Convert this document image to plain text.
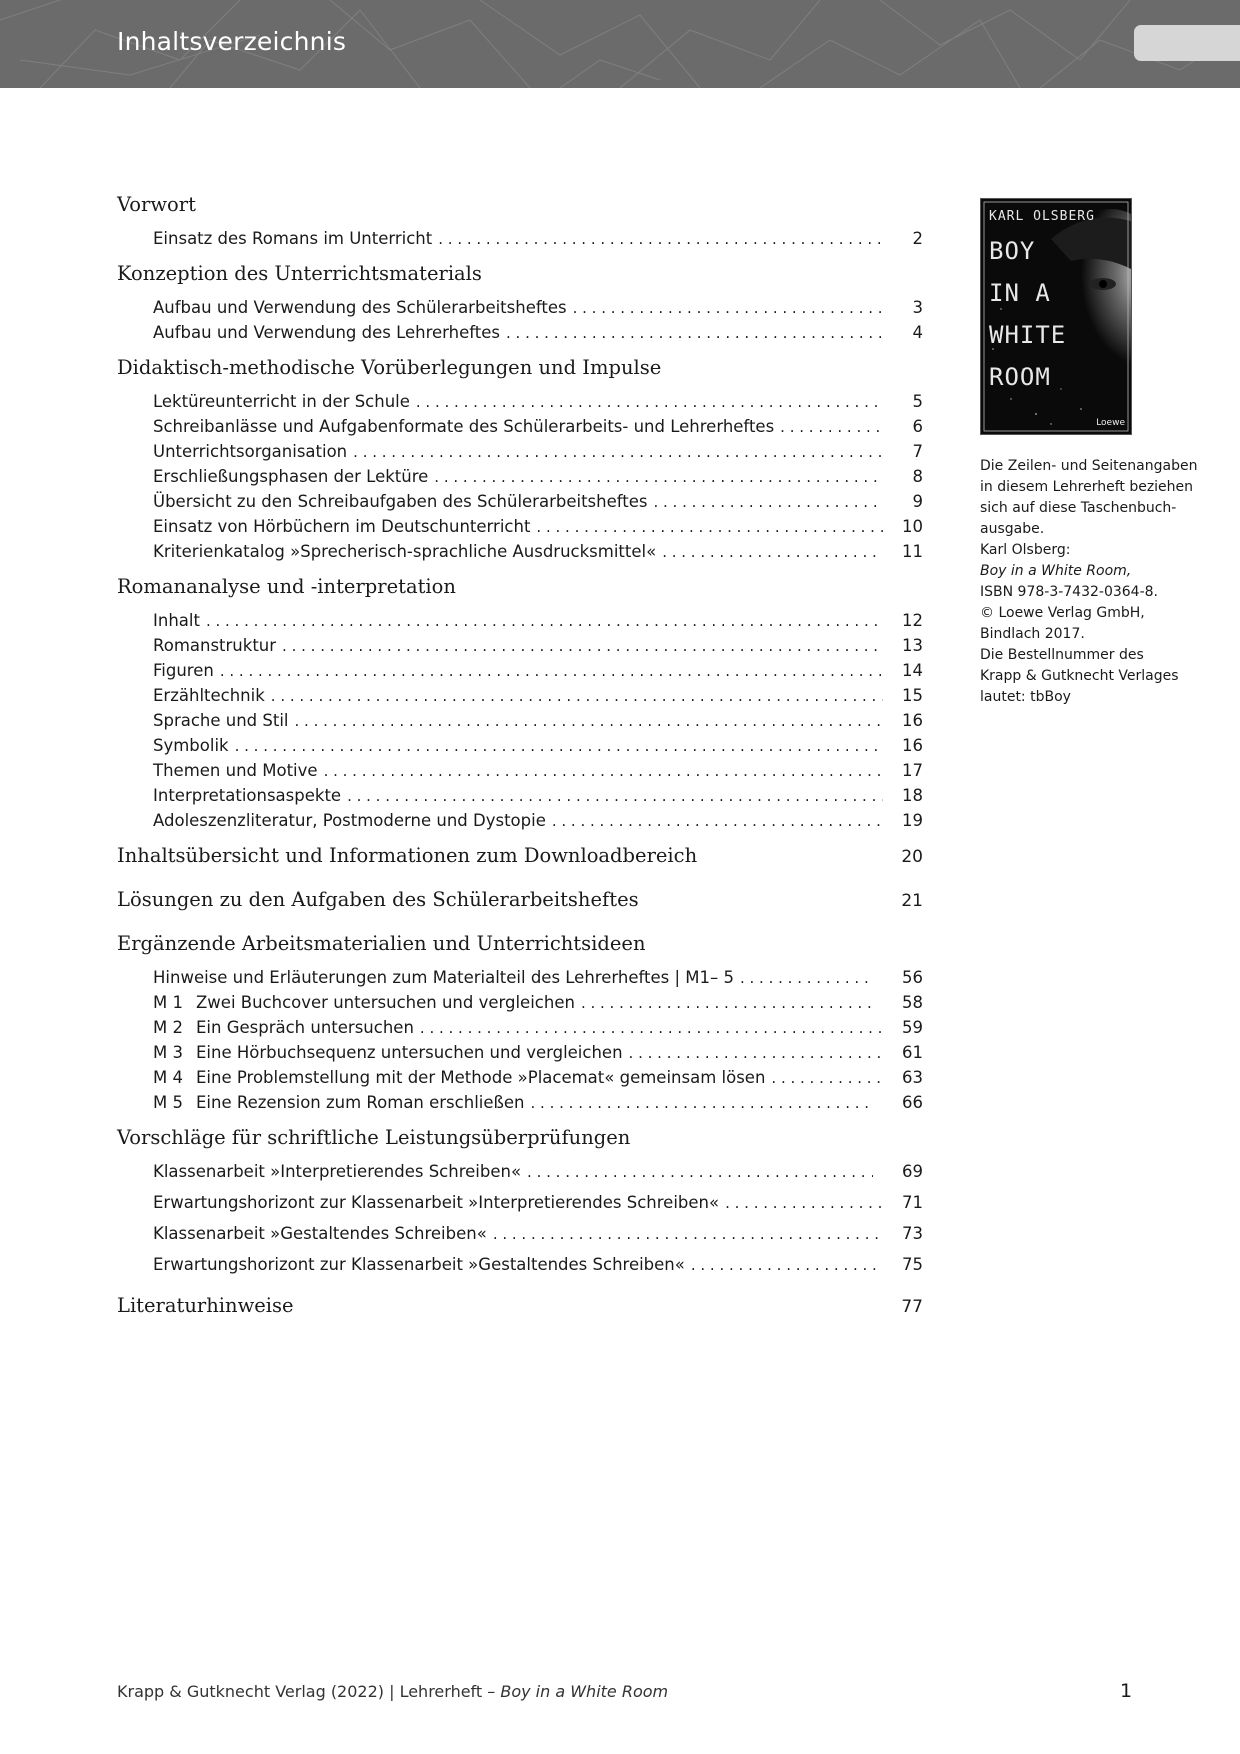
Inhaltsverzeichnis
Vorwort
Einsatz des Romans im Unterricht . . .	2
Konzeption des Unterrichtsmaterials
Aufbau und Verwendung des Schülerarbeitsheftes . . .	3
Aufbau und Verwendung des Lehrerheftes . . .	4
Didaktisch-methodische Vorüberlegungen und Impulse
Lektüreunterricht in der Schule . . .	5
Schreibanlässe und Aufgabenformate des Schülerarbeits- und Lehrerheftes . . .	6
Unterrichtsorganisation . . .	7
Erschließungsphasen der Lektüre . . .	8
Übersicht zu den Schreibaufgaben des Schülerarbeitsheftes . . .	9
Einsatz von Hörbüchern im Deutschunterricht . . .	10
Kriterienkatalog »Sprecherisch-sprachliche Ausdrucksmittel« . . .	11
Romananalyse und -interpretation
Inhalt . . .	12
Romanstruktur . . .	13
Figuren . . .	14
Erzähltechnik . . .	15
Sprache und Stil . . .	16
Symbolik . . .	16
Themen und Motive . . .	17
Interpretationsaspekte . . .	18
Adoleszenzliteratur, Postmoderne und Dystopie . . .	19
Inhaltsübersicht und Informationen zum Downloadbereich	20
Lösungen zu den Aufgaben des Schülerarbeitsheftes	21
Ergänzende Arbeitsmaterialien und Unterrichtsideen
Hinweise und Erläuterungen zum Materialteil des Lehrerheftes | M1– 5 . . .	56
M 1 Zwei Buchcover untersuchen und vergleichen . . .	58
M 2 Ein Gespräch untersuchen . . .	59
M 3 Eine Hörbuchsequenz untersuchen und vergleichen . . .	61
M 4 Eine Problemstellung mit der Methode »Placemat« gemeinsam lösen . . .	63
M 5 Eine Rezension zum Roman erschließen . . .	66
Vorschläge für schriftliche Leistungsüberprüfungen
Klassenarbeit »Interpretierendes Schreiben« . . .	69
Erwartungshorizont zur Klassenarbeit »Interpretierendes Schreiben« . . .	71
Klassenarbeit »Gestaltendes Schreiben« . . .	73
Erwartungshorizont zur Klassenarbeit »Gestaltendes Schreiben« . . .	75
Literaturhinweise	77
KARL OLSBERG
BOY
IN A
WHITE
ROOM
Loewe
Die Zeilen- und Seitenangaben
in diesem Lehrerheft beziehen
sich auf diese Taschenbuch-
ausgabe.
Karl Olsberg:
Boy in a White Room,
ISBN 978-3-7432-0364-8.
© Loewe Verlag GmbH,
Bindlach 2017.
Die Bestellnummer des
Krapp & Gutknecht Verlages
lautet: tbBoy
Krapp & Gutknecht Verlag (2022) | Lehrerheft – Boy in a White Room	1
